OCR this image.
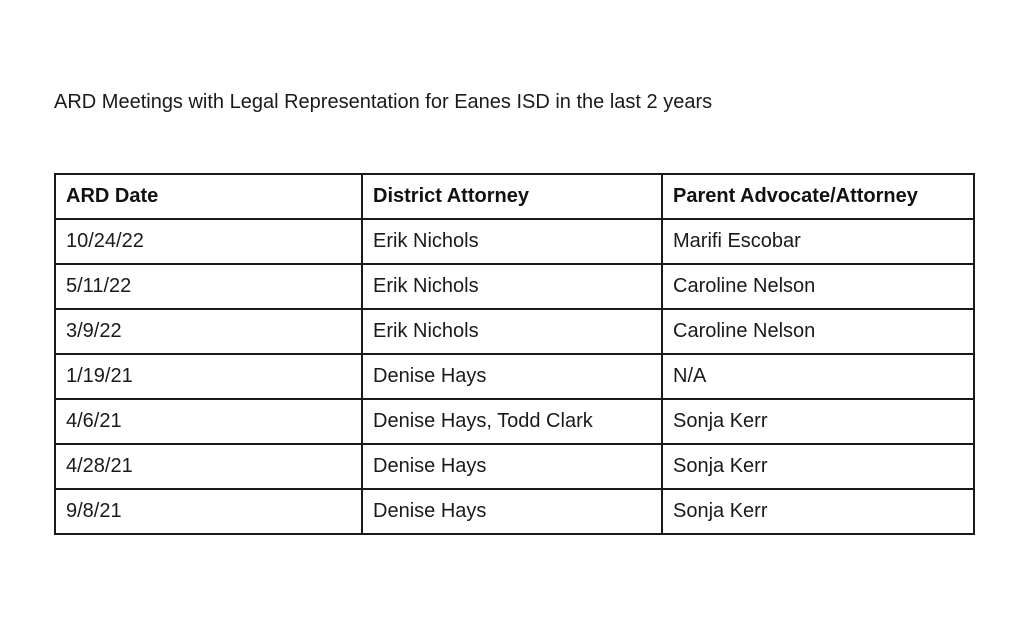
ARD Meetings with Legal Representation for Eanes ISD in the last 2 years
ARD Date	District Attorney	Parent Advocate/Attorney
10/24/22	Erik Nichols	Marifi Escobar
5/11/22	Erik Nichols	Caroline Nelson
3/9/22	Erik Nichols	Caroline Nelson
1/19/21	Denise Hays	N/A
4/6/21	Denise Hays, Todd Clark	Sonja Kerr
4/28/21	Denise Hays	Sonja Kerr
9/8/21	Denise Hays	Sonja Kerr
